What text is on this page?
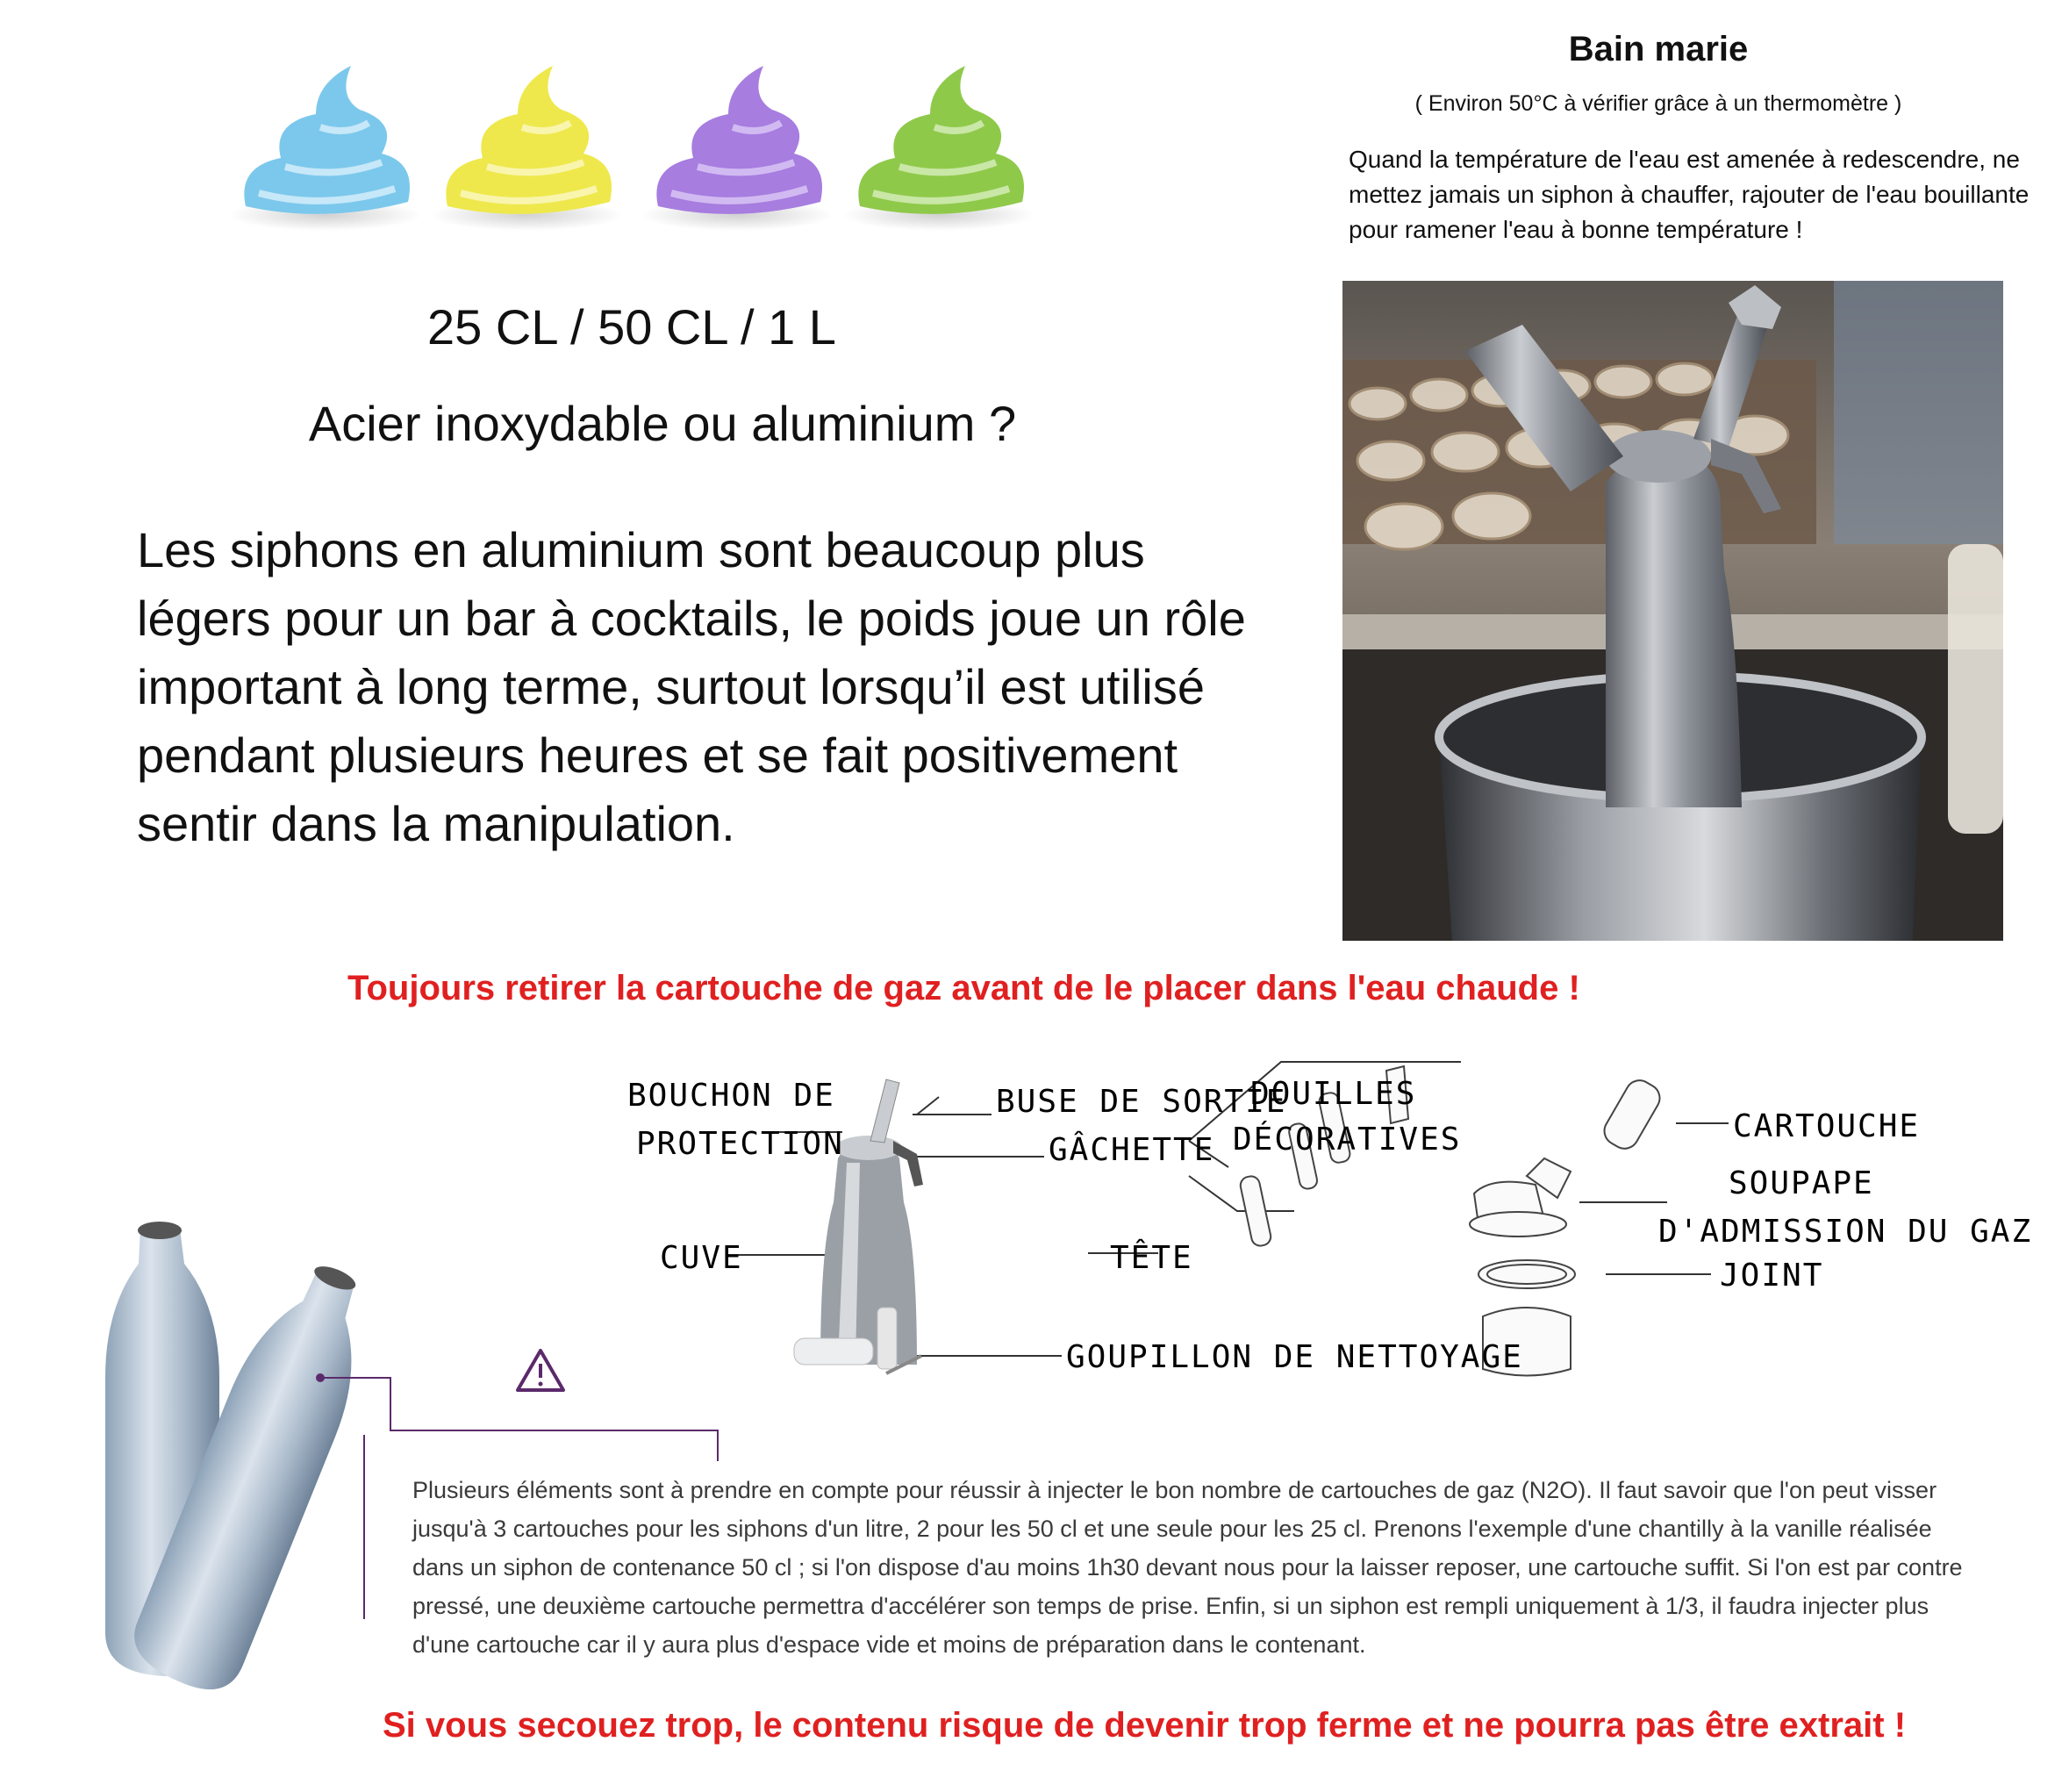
25 CL / 50 CL / 1 L
Acier inoxydable ou aluminium ?
Les siphons en aluminium sont beaucoup plus légers pour un bar à cocktails, le poids joue un rôle important à long terme, surtout lorsqu’il est utilisé pendant plusieurs heures et se fait positivement sentir dans la manipulation.
Bain marie
( Environ 50°C à vérifier grâce à un thermomètre )
Quand la température de l'eau est amenée à redescendre, ne mettez jamais un siphon à chauffer, rajouter de l'eau bouillante pour ramener l'eau à bonne température !
Toujours retirer la cartouche de gaz avant de le placer dans l'eau chaude !
BOUCHON DE
PROTECTION
BUSE DE SORTIE
GÂCHETTE
CUVE
GOUPILLON DE NETTOYAGE
DOUILLES
DÉCORATIVES
TÊTE
CARTOUCHE
SOUPAPE
D'ADMISSION DU GAZ
JOINT
Plusieurs éléments sont à prendre en compte pour réussir à injecter le bon nombre de cartouches de gaz (N2O). Il faut savoir que l'on peut visser jusqu'à 3 cartouches pour les siphons d'un litre, 2 pour les 50 cl et une seule pour les 25 cl. Prenons l'exemple d'une chantilly à la vanille réalisée dans un siphon de contenance 50 cl ; si l'on dispose d'au moins 1h30 devant nous pour la laisser reposer, une cartouche suffit. Si l'on est par contre pressé, une deuxième cartouche permettra d'accélérer son temps de prise. Enfin, si un siphon est rempli uniquement à 1/3, il faudra injecter plus d'une cartouche car il y aura plus d'espace vide et moins de préparation dans le contenant.
Si vous secouez trop, le contenu risque de devenir trop ferme et ne pourra pas être extrait !
